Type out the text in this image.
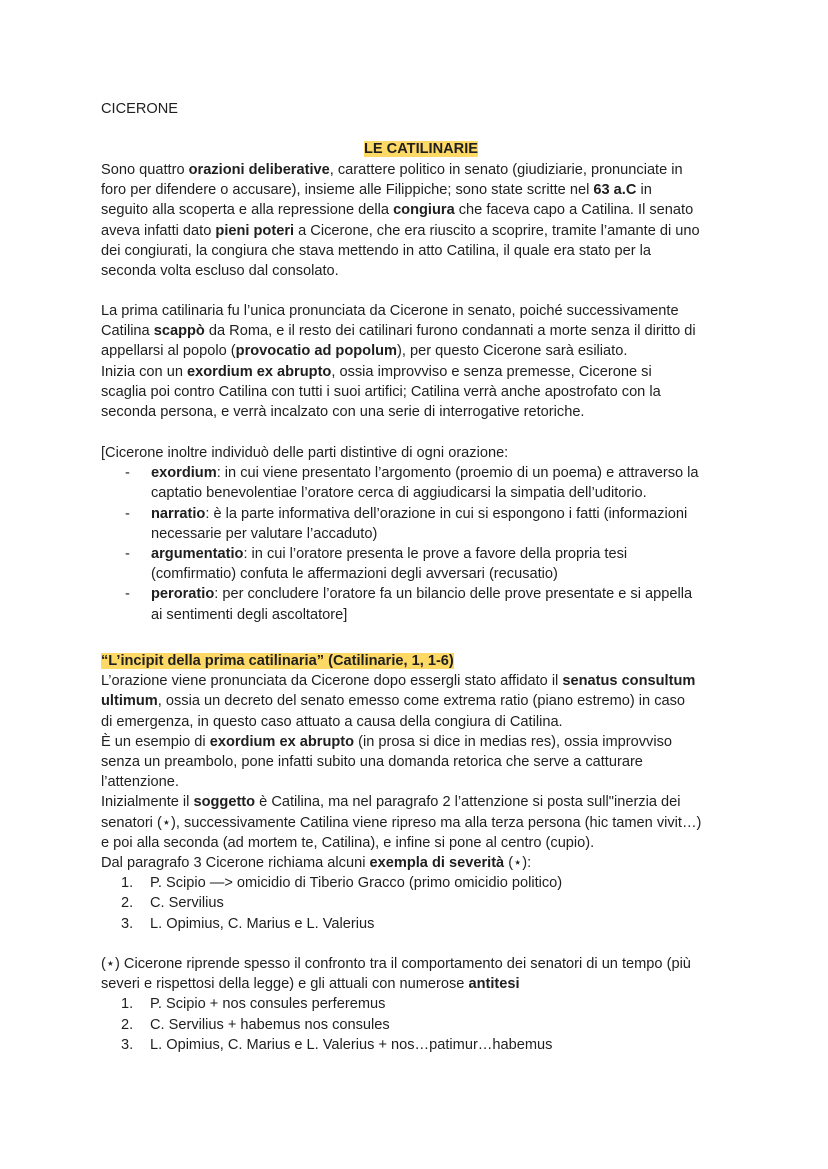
CICERONE
LE CATILINARIE
Sono quattro orazioni deliberative, carattere politico in senato (giudiziarie, pronunciate in
foro per difendere o accusare), insieme alle Filippiche; sono state scritte nel 63 a.C in
seguito alla scoperta e alla repressione della congiura che faceva capo a Catilina. Il senato
aveva infatti dato pieni poteri a Cicerone, che era riuscito a scoprire, tramite l’amante di uno
dei congiurati, la congiura che stava mettendo in atto Catilina, il quale era stato per la
seconda volta escluso dal consolato.
La prima catilinaria fu l’unica pronunciata da Cicerone in senato, poiché successivamente
Catilina scappò da Roma, e il resto dei catilinari furono condannati a morte senza il diritto di
appellarsi al popolo (provocatio ad popolum), per questo Cicerone sarà esiliato.
Inizia con un exordium ex abrupto, ossia improvviso e senza premesse, Cicerone si
scaglia poi contro Catilina con tutti i suoi artifici; Catilina verrà anche apostrofato con la
seconda persona, e verrà incalzato con una serie di interrogative retoriche.
[Cicerone inoltre individuò delle parti distintive di ogni orazione:
- exordium: in cui viene presentato l’argomento (proemio di un poema) e attraverso la
captatio benevolentiae l’oratore cerca di aggiudicarsi la simpatia dell’uditorio.
- narratio: è la parte informativa dell’orazione in cui si espongono i fatti (informazioni
necessarie per valutare l’accaduto)
- argumentatio: in cui l’oratore presenta le prove a favore della propria tesi
(comfirmatio) confuta le affermazioni degli avversari (recusatio)
- peroratio: per concludere l’oratore fa un bilancio delle prove presentate e si appella
ai sentimenti degli ascoltatore]
“L’incipit della prima catilinaria” (Catilinarie, 1, 1-6)
L’orazione viene pronunciata da Cicerone dopo essergli stato affidato il senatus consultum
ultimum, ossia un decreto del senato emesso come extrema ratio (piano estremo) in caso
di emergenza, in questo caso attuato a causa della congiura di Catilina.
È un esempio di exordium ex abrupto (in prosa si dice in medias res), ossia improvviso
senza un preambolo, pone infatti subito una domanda retorica che serve a catturare
l’attenzione.
Inizialmente il soggetto è Catilina, ma nel paragrafo 2 l’attenzione si posta sull"inerzia dei
senatori (⋆), successivamente Catilina viene ripreso ma alla terza persona (hic tamen vivit…)
e poi alla seconda (ad mortem te, Catilina), e infine si pone al centro (cupio).
Dal paragrafo 3 Cicerone richiama alcuni exempla di severità (⋆):
1. P. Scipio —> omicidio di Tiberio Gracco (primo omicidio politico)
2. C. Servilius
3. L. Opimius, C. Marius e L. Valerius
(⋆) Cicerone riprende spesso il confronto tra il comportamento dei senatori di un tempo (più
severi e rispettosi della legge) e gli attuali con numerose antitesi
1. P. Scipio + nos consules perferemus
2. C. Servilius + habemus nos consules
3. L. Opimius, C. Marius e L. Valerius + nos…patimur…habemus
